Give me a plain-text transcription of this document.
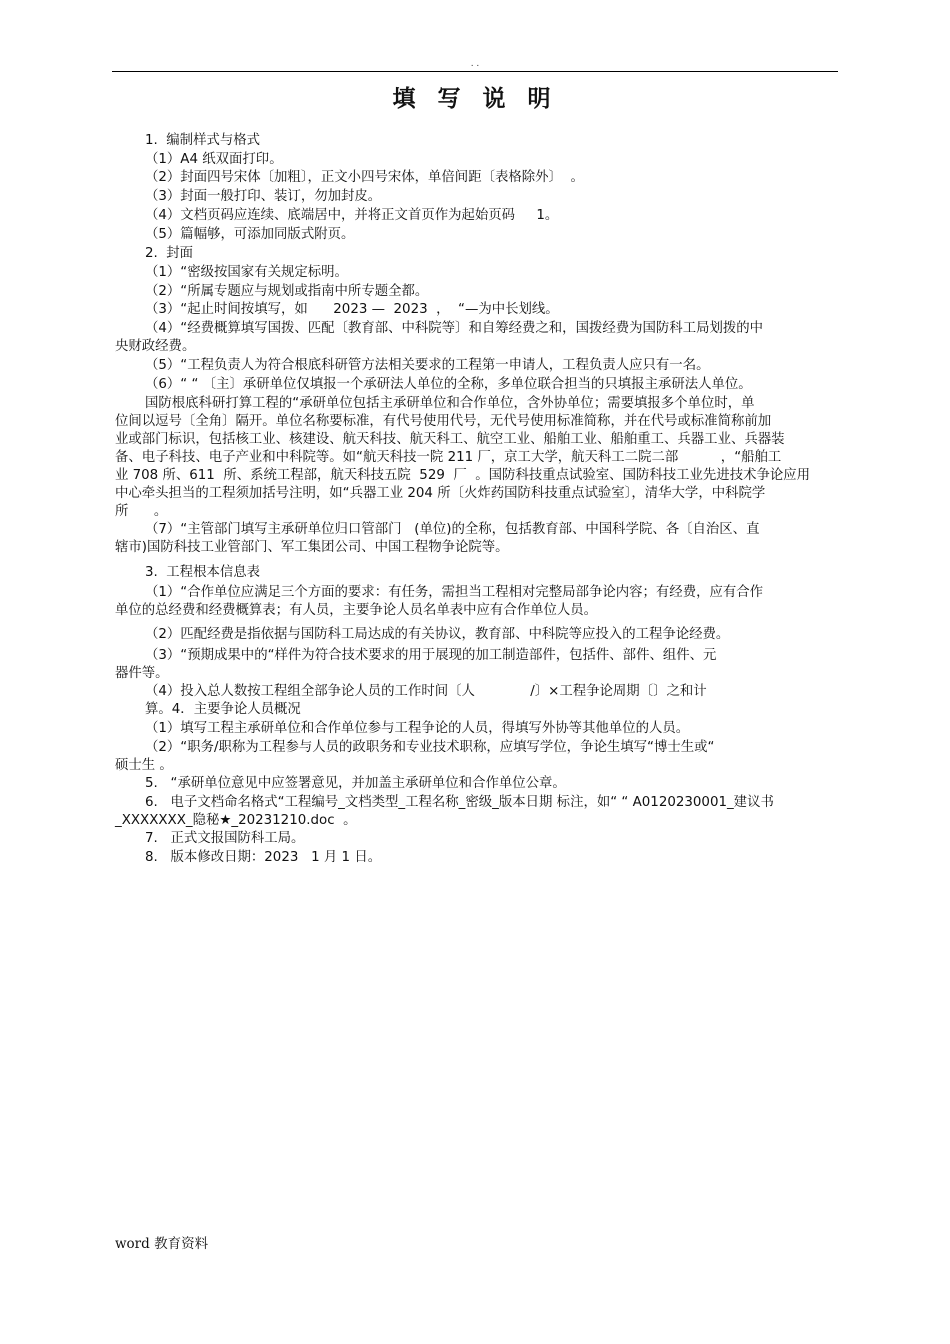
. .
填 写 说 明
1.  编制样式与格式
（1）A4 纸双面打印。
（2）封面四号宋体〔加粗〕，正文小四号宋体，单倍间距〔表格除外〕  。
（3）封面一般打印、装订，勿加封皮。
（4）文档页码应连续、底端居中，并将正文首页作为起始页码     1。
（5）篇幅够，可添加同版式附页。
2.  封面
（1）“密级按国家有关规定标明。
（2）“所属专题应与规划或指南中所专题全都。
（3）“起止时间按填写，如      2023 —  2023  ，  “—为中长划线。
（4）“经费概算填写国拨、匹配〔教育部、中科院等〕和自筹经费之和，国拨经费为国防科工局划拨的中
央财政经费。
（5）“工程负责人为符合根底科研管方法相关要求的工程第一申请人，工程负责人应只有一名。
（6）“ “ 〔主〕承研单位仅填报一个承研法人单位的全称，多单位联合担当的只填报主承研法人单位。
国防根底科研打算工程的“承研单位包括主承研单位和合作单位，含外协单位；需要填报多个单位时，单
位间以逗号〔全角〕隔开。单位名称要标准，有代号使用代号，无代号使用标准简称，并在代号或标准简称前加
业或部门标识，包括核工业、核建设、航天科技、航天科工、航空工业、船舶工业、船舶重工、兵器工业、兵器装
备、电子科技、电子产业和中科院等。如“航天科技一院 211 厂，京工大学，航天科工二院二部          ，“船舶工
业 708 所、611  所、系统工程部，航天科技五院  529  厂  。国防科技重点试验室、国防科技工业先进技术争论应用
中心牵头担当的工程须加括号注明，如“兵器工业 204 所〔火炸药国防科技重点试验室〕，清华大学，中科院学
所      。
（7）“主管部门填写主承研单位归口管部门   (单位)的全称，包括教育部、中国科学院、各〔自治区、直
辖市)国防科技工业管部门、军工集团公司、中国工程物争论院等。
3.  工程根本信息表
（1）“合作单位应满足三个方面的要求：有任务，需担当工程相对完整局部争论内容；有经费，应有合作
单位的总经费和经费概算表；有人员，主要争论人员名单表中应有合作单位人员。
（2）匹配经费是指依据与国防科工局达成的有关协议，教育部、中科院等应投入的工程争论经费。
（3）“预期成果中的“样件为符合技术要求的用于展现的加工制造部件，包括件、部件、组件、元
器件等。
（4）投入总人数按工程组全部争论人员的工作时间〔人             /〕×工程争论周期〔〕之和计
算。4．主要争论人员概况
（1）填写工程主承研单位和合作单位参与工程争论的人员，得填写外协等其他单位的人员。
（2）“职务/职称为工程参与人员的政职务和专业技术职称，应填写学位，争论生填写“博士生或“
硕士生 。
5.   “承研单位意见中应签署意见，并加盖主承研单位和合作单位公章。
6.   电子文档命名格式“工程编号_文档类型_工程名称_密级_版本日期 标注，如“ “ A0120230001_建议书
_XXXXXXX_隐秘★_20231210.doc  。
7.   正式文报国防科工局。
8.   版本修改日期：2023   1 月 1 日。
word 教育资料
